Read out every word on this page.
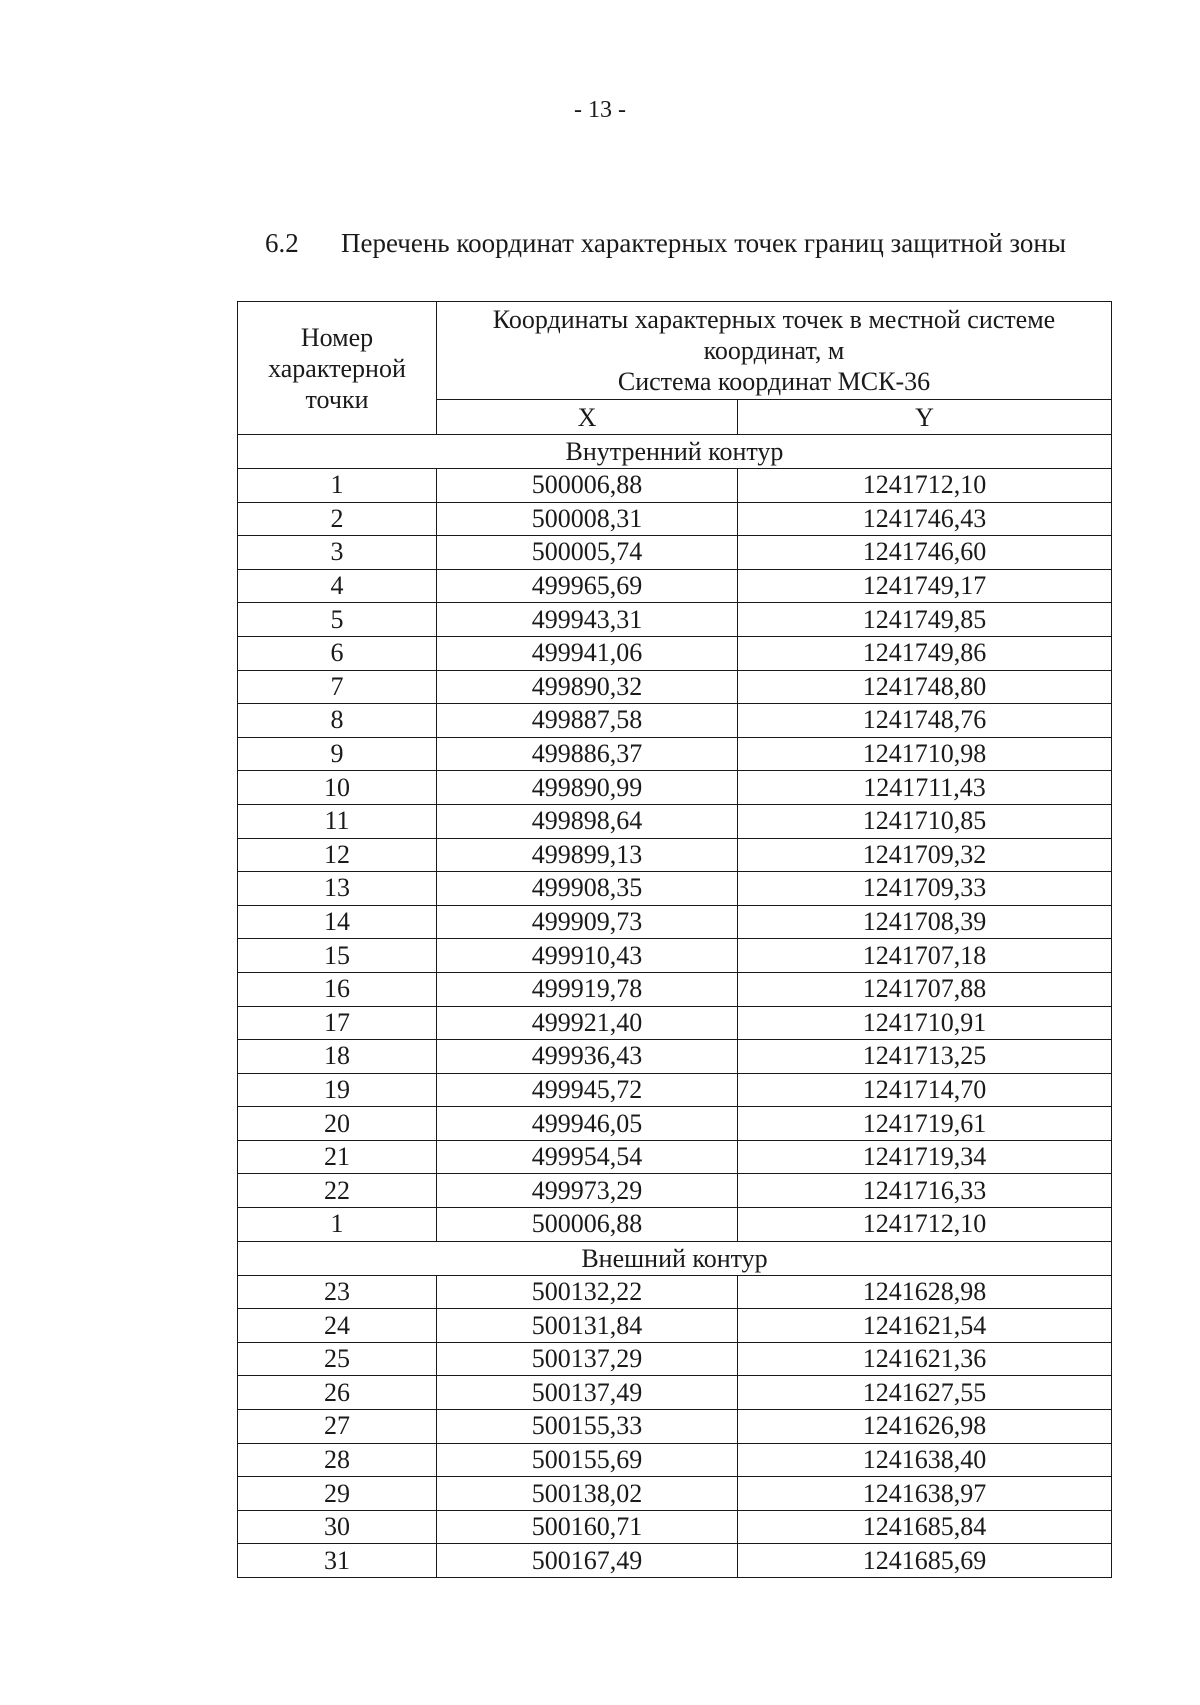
- 13 -
6.2 Перечень координат характерных точек границ защитной зоны
Номер
характерной
точки	Координаты характерных точек в местной системе
координат, м
Система координат МСК-36	

	X	Y
Внутренний контур		
1	500006,88	1241712,10
2	500008,31	1241746,43
3	500005,74	1241746,60
4	499965,69	1241749,17
5	499943,31	1241749,85
6	499941,06	1241749,86
7	499890,32	1241748,80
8	499887,58	1241748,76
9	499886,37	1241710,98
10	499890,99	1241711,43
11	499898,64	1241710,85
12	499899,13	1241709,32
13	499908,35	1241709,33
14	499909,73	1241708,39
15	499910,43	1241707,18
16	499919,78	1241707,88
17	499921,40	1241710,91
18	499936,43	1241713,25
19	499945,72	1241714,70
20	499946,05	1241719,61
21	499954,54	1241719,34
22	499973,29	1241716,33
1	500006,88	1241712,10
Внешний контур		
23	500132,22	1241628,98
24	500131,84	1241621,54
25	500137,29	1241621,36
26	500137,49	1241627,55
27	500155,33	1241626,98
28	500155,69	1241638,40
29	500138,02	1241638,97
30	500160,71	1241685,84
31	500167,49	1241685,69
